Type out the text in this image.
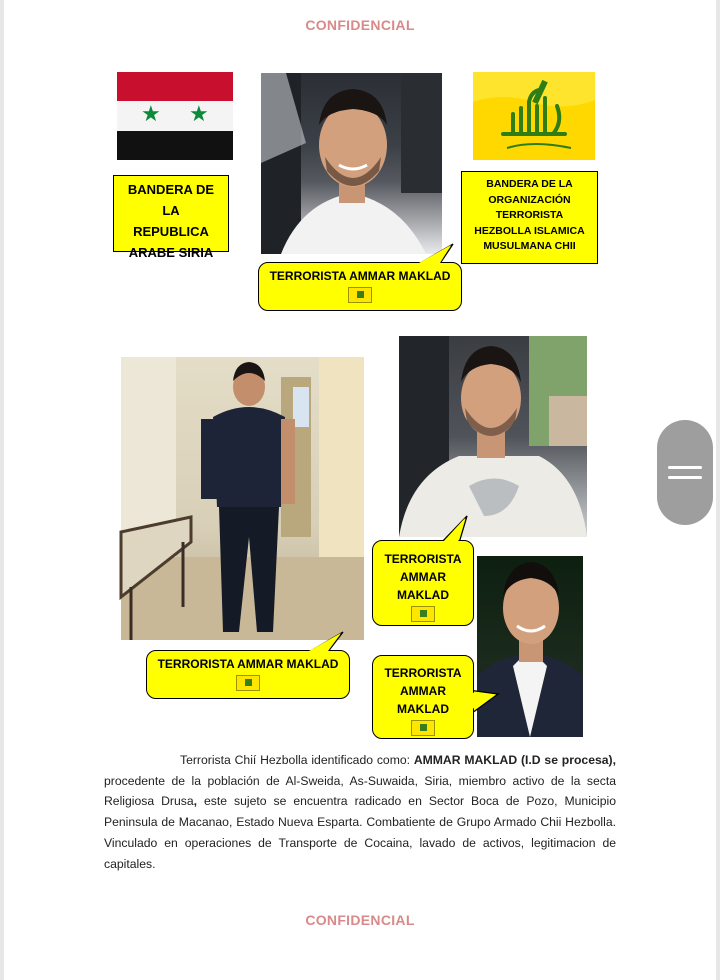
CONFIDENCIAL
★ ★
BANDERA DE
LA
REPUBLICA
ARABE SIRIA
BANDERA DE LA
ORGANIZACIÓN
TERRORISTA
HEZBOLLA ISLAMICA
MUSULMANA CHII
TERRORISTA AMMAR MAKLAD
TERRORISTA AMMAR MAKLAD
TERRORISTA
AMMAR
MAKLAD
TERRORISTA
AMMAR
MAKLAD
Terrorista Chií Hezbolla identificado como: AMMAR MAKLAD (I.D se procesa), procedente de la población de Al-Sweida, As-Suwaida, Siria, miembro activo de la secta Religiosa Drusa, este sujeto se encuentra radicado en Sector Boca de Pozo, Municipio Peninsula de Macanao, Estado Nueva Esparta. Combatiente de Grupo Armado Chii Hezbolla. Vinculado en operaciones de Transporte de Cocaina, lavado de activos, legitimacion de capitales.
CONFIDENCIAL
